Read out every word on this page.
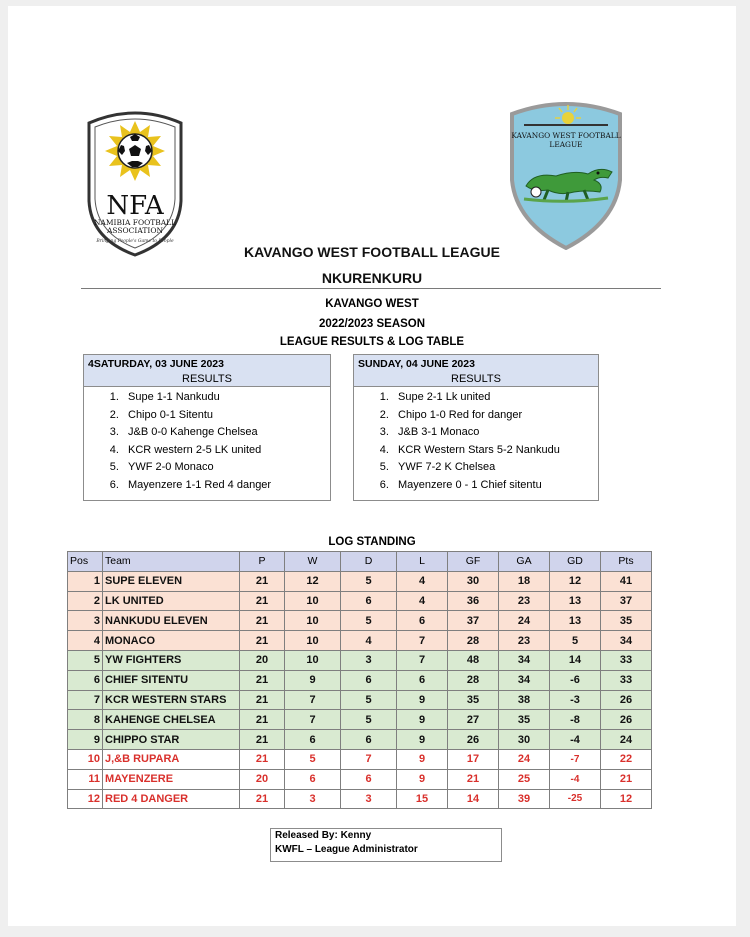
NFA
NAMIBIA FOOTBALL
ASSOCIATION
Bringing People's Game to People
KAVANGO WEST FOOTBALL
LEAGUE
KAVANGO WEST FOOTBALL LEAGUE
NKURENKURU
KAVANGO WEST
2022/2023 SEASON
LEAGUE RESULTS & LOG TABLE
4SATURDAY, 03 JUNE 2023
RESULTS
1. Supe 1-1 Nankudu
2. Chipo 0-1 Sitentu
3. J&B 0-0 Kahenge Chelsea
4. KCR western 2-5 LK united
5. YWF 2-0 Monaco
6. Mayenzere 1-1 Red 4 danger
SUNDAY, 04 JUNE 2023
RESULTS
1. Supe 2-1 Lk united
2. Chipo 1-0 Red for danger
3. J&B 3-1 Monaco
4. KCR Western Stars 5-2 Nankudu
5. YWF 7-2 K Chelsea
6. Mayenzere 0 - 1 Chief sitentu
LOG STANDING
Pos	Team	P	W	D	L	GF	GA	GD	Pts
1	SUPE ELEVEN	21	12	5	4	30	18	12	41
2	LK UNITED	21	10	6	4	36	23	13	37
3	NANKUDU ELEVEN	21	10	5	6	37	24	13	35
4	MONACO	21	10	4	7	28	23	5	34
5	YW FIGHTERS	20	10	3	7	48	34	14	33
6	CHIEF SITENTU	21	9	6	6	28	34	-6	33
7	KCR WESTERN STARS	21	7	5	9	35	38	-3	26
8	KAHENGE CHELSEA	21	7	5	9	27	35	-8	26
9	CHIPPO STAR	21	6	6	9	26	30	-4	24
10	J,&B RUPARA	21	5	7	9	17	24	-7	22
11	MAYENZERE	20	6	6	9	21	25	-4	21
12	RED 4 DANGER	21	3	3	15	14	39	-25	12
Released By: Kenny
KWFL – League Administrator
